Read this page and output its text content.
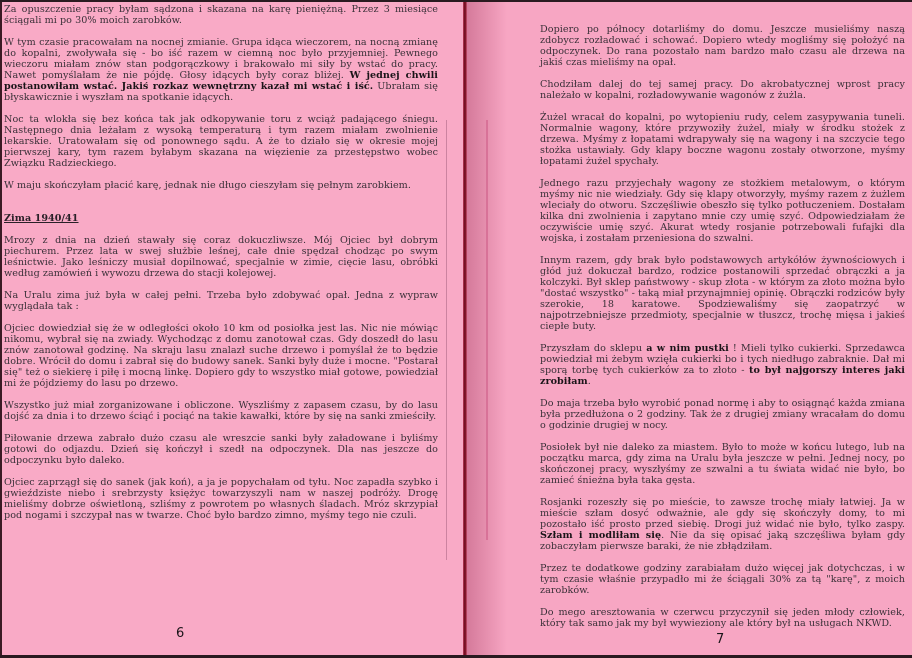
Za opuszczenie pracy byłam sądzona i skazana na karę pieniężną. Przez 3 miesiące ściągali mi po 30% moich zarobków.

W tym czasie pracowałam na nocnej zmianie. Grupa idąca wieczorem, na nocną zmianę do kopalni, zwoływała się - bo iść razem w ciemną noc było przyjemniej. Pewnego wieczoru miałam znów stan podgorączkowy i brakowało mi siły by wstać do pracy. Nawet pomyślałam że nie pójdę. Głosy idących były coraz bliżej. W jednej chwili postanowiłam wstać. Jakiś rozkaz wewnętrzny kazał mi wstać i iść. Ubrałam się błyskawicznie i wyszłam na spotkanie idących.

Noc ta wlokła się bez końca tak jak odkopywanie toru z wciąż padającego śniegu. Następnego dnia leżałam z wysoką temperaturą i tym razem miałam zwolnienie lekarskie. Uratowałam się od ponownego sądu. A że to działo się w okresie mojej pierwszej kary, tym razem byłabym skazana na więzienie za przestępstwo wobec Związku Radzieckiego.

W maju skończyłam płacić karę, jednak nie długo cieszyłam się pełnym zarobkiem.

Zima 1940/41

Mrozy z dnia na dzień stawały się coraz dokuczliwsze. Mój Ojciec był dobrym piechurem. Przez lata w swej służbie leśnej, całe dnie spędzał chodząc po swym leśnictwie. Jako leśniczy musiał dopilnować, specjalnie w zimie, cięcie lasu, obróbki według zamówień i wywozu drzewa do stacji kolejowej.

Na Uralu zima już była w całej pełni. Trzeba było zdobywać opał. Jedna z wypraw wyglądała tak :

Ojciec dowiedział się że w odległości około 10 km od posiołka jest las. Nic nie mówiąc nikomu, wybrał się na zwiady. Wychodząc z domu zanotował czas. Gdy doszedł do lasu znów zanotował godzinę. Na skraju lasu znalazł suche drzewo i pomyślał że to będzie dobre. Wrócił do domu i zabrał się do budowy sanek. Sanki były duże i mocne. "Postarał się" też o siekierę i piłę i mocną linkę. Dopiero gdy to wszystko miał gotowe, powiedział mi że pójdziemy do lasu po drzewo.

Wszystko już miał zorganizowane i obliczone. Wyszliśmy z zapasem czasu, by do lasu dojść za dnia i to drzewo ściąć i pociąć na takie kawałki, które by się na sanki zmieściły.

Piłowanie drzewa zabrało dużo czasu ale wreszcie sanki były załadowane i byliśmy gotowi do odjazdu. Dzień się kończył i szedł na odpoczynek. Dla nas jeszcze do odpoczynku było daleko.

Ojciec zaprzągł się do sanek (jak koń), a ja je popychałam od tyłu. Noc zapadła szybko i gwieździste niebo i srebrzysty księżyc towarzyszyli nam w naszej podróży. Drogę mieliśmy dobrze oświetloną, szliśmy z powrotem po własnych śladach. Mróz skrzypiał pod nogami i szczypał nas w twarze. Choć było bardzo zimno, myśmy tego nie czuli.

Dopiero po północy dotarliśmy do domu. Jeszcze musieliśmy naszą zdobycz rozładować i schować. Dopiero wtedy mogliśmy się położyć na odpoczynek. Do rana pozostało nam bardzo mało czasu ale drzewa na jakiś czas mieliśmy na opał.

Chodziłam dalej do tej samej pracy. Do akrobatycznej wprost pracy należało w kopalni, rozładowywanie wagonów z żużla.

Żużel wracał do kopalni, po wytopieniu rudy, celem zasypywania tuneli. Normalnie wagony, które przywoziły żużel, miały w środku stożek z drzewa. Myśmy z łopatami wdrapywały się na wagony i na szczycie tego stożka ustawiały. Gdy klapy boczne wagonu zostały otworzone, myśmy łopatami żużel spychały.

Jednego razu przyjechały wagony ze stożkiem metalowym, o którym myśmy nic nie wiedziały. Gdy się klapy otworzyły, myśmy razem z żużlem wleciały do otworu. Szczęśliwie obeszło się tylko potłuczeniem. Dostałam kilka dni zwolnienia i zapytano mnie czy umię szyć. Odpowiedziałam że oczywiście umię szyć. Akurat wtedy rosjanie potrzebowali fufajki dla wojska, i zostałam przeniesiona do szwalni.

Innym razem, gdy brak było podstawowych artykółów żywnościowych i głód już dokuczał bardzo, rodzice postanowili sprzedać obrączki a ja kolczyki. Był sklep państwowy - skup złota - w którym za złoto można było "dostać wszystko" - taką miał przynajmniej opinię. Obrączki rodziców były szerokie, 18 karatowe. Spodziewaliśmy się zaopatrzyć w najpotrzebniejsze przedmioty, specjalnie w tłuszcz, trochę mięsa i jakieś ciepłe buty.

Przyszłam do sklepu a w nim pustki ! Mieli tylko cukierki. Sprzedawca powiedział mi żebym wzięła cukierki bo i tych niedługo zabraknie. Dał mi sporą torbę tych cukierków za to złoto - to był najgorszy interes jaki zrobiłam.

Do maja trzeba było wyrobić ponad normę i aby to osiągnąć każda zmiana była przedłużona o 2 godziny. Tak że z drugiej zmiany wracałam do domu o godzinie drugiej w nocy.

Posiołek był nie daleko za miastem. Było to może w końcu lutego, lub na początku marca, gdy zima na Uralu była jeszcze w pełni. Jednej nocy, po skończonej pracy, wyszłyśmy ze szwalni a tu świata widać nie było, bo zamieć śnieżna była taka gęsta.

Rosjanki rozeszły się po mieście, to zawsze trochę miały łatwiej. Ja w mieście szłam dosyć odważnie, ale gdy się skończyły domy, to mi pozostało iść prosto przed siebię. Drogi już widać nie było, tylko zaspy. Szłam i modliłam się. Nie da się opisać jaką szczęśliwa byłam gdy zobaczyłam pierwsze baraki, że nie zbłądziłam.

Przez te dodatkowe godziny zarabiałam dużo więcej jak dotychczas, i w tym czasie właśnie przypadło mi że ściągali 30% za tą "karę", z moich zarobków.

Do mego aresztowania w czerwcu przyczynił się jeden młody człowiek, który tak samo jak my był wywieziony ale który był na usługach NKWD.

6	7
